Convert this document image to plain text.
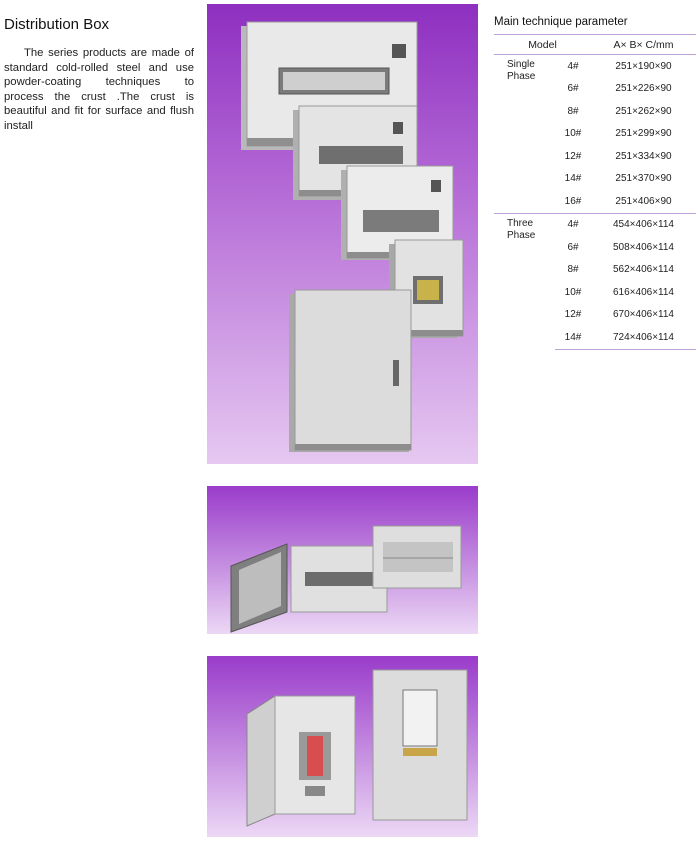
Distribution Box
The series products are made of standard cold-rolled steel and use powder-coating techniques to process the crust .The crust is beautiful and fit for surface and flush install
Main technique parameter
Model		A× B× C/mm
Single Phase	4#	251×190×90
	6#	251×226×90
	8#	251×262×90
	10#	251×299×90
	12#	251×334×90
	14#	251×370×90
	16#	251×406×90
Three Phase	4#	454×406×114
	6#	508×406×114
	8#	562×406×114
	10#	616×406×114
	12#	670×406×114
	14#	724×406×114
